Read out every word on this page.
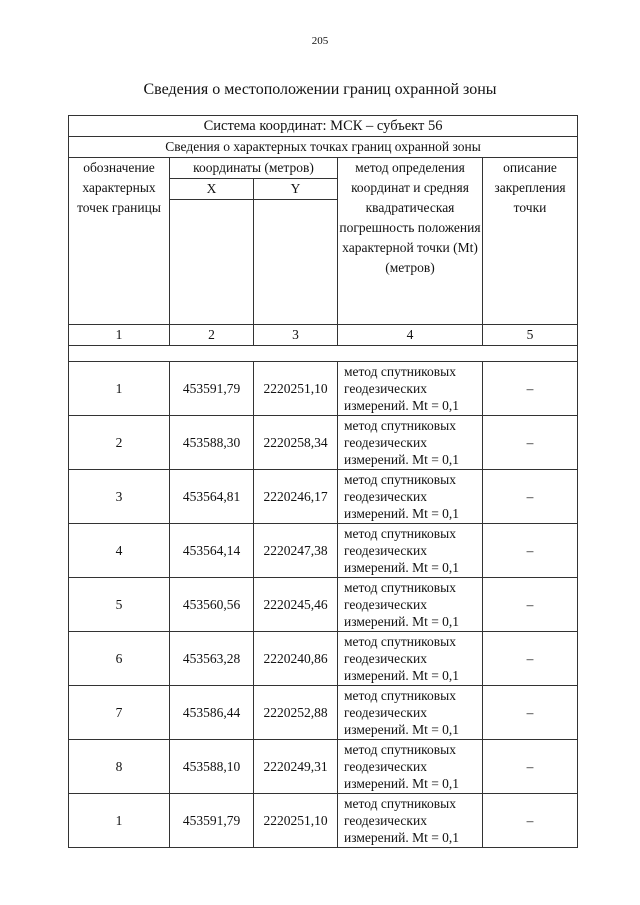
205
Сведения о местоположении границ охранной зоны
Система координат: МСК – субъект 56				
Сведения о характерных точках границ охранной зоны				
обозначение характерных точек границы	координаты (метров)		метод определения координат и средняя квадратическая погрешность положения характерной точки (Mt) (метров)	описание закрепления точки
	X	Y		

1	2	3	4	5

1	453591,79	2220251,10	метод спутниковых геодезических измерений. Mt = 0,1	–
2	453588,30	2220258,34	метод спутниковых геодезических измерений. Mt = 0,1	–
3	453564,81	2220246,17	метод спутниковых геодезических измерений. Mt = 0,1	–
4	453564,14	2220247,38	метод спутниковых геодезических измерений. Mt = 0,1	–
5	453560,56	2220245,46	метод спутниковых геодезических измерений. Mt = 0,1	–
6	453563,28	2220240,86	метод спутниковых геодезических измерений. Mt = 0,1	–
7	453586,44	2220252,88	метод спутниковых геодезических измерений. Mt = 0,1	–
8	453588,10	2220249,31	метод спутниковых геодезических измерений. Mt = 0,1	–
1	453591,79	2220251,10	метод спутниковых геодезических измерений. Mt = 0,1	–
